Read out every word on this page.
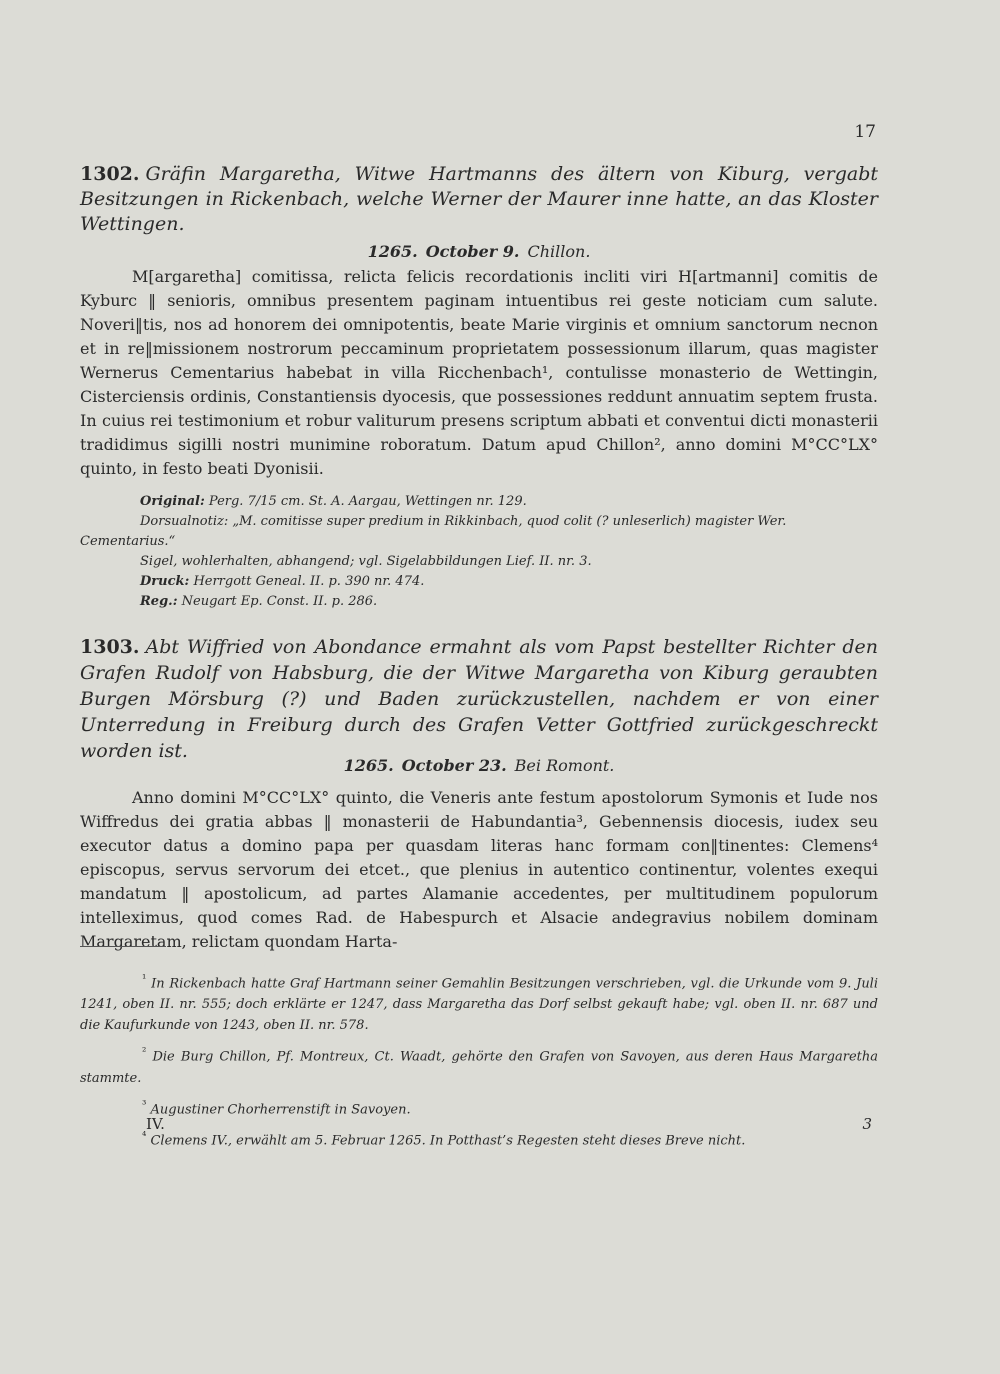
17
1302. Gräfin Margaretha, Witwe Hartmanns des ältern von Kiburg, vergabt Besitzungen in Rickenbach, welche Werner der Maurer inne hatte, an das Kloster Wettingen.
1265. October 9. Chillon.
M[argaretha] comitissa, relicta felicis recordationis incliti viri H[artmanni] comitis de Kyburc ‖ senioris, omnibus presentem paginam intuentibus rei geste noticiam cum salute. Noveri‖tis, nos ad honorem dei omnipotentis, beate Marie virginis et omnium sanctorum necnon et in re‖missionem nostrorum peccaminum proprietatem possessionum illarum, quas magister Wernerus Cementarius habebat in villa Ricchenbach¹, contulisse monasterio de Wettingin, Cisterciensis ordinis, Constantiensis dyocesis, que possessiones reddunt annuatim septem frusta. In cuius rei testimonium et robur valiturum presens scriptum abbati et conventui dicti monasterii tradidimus sigilli nostri munimine roboratum. Datum apud Chillon², anno domini M°CC°LX° quinto, in festo beati Dyonisii.
Original: Perg. 7/15 cm. St. A. Aargau, Wettingen nr. 129.
Dorsualnotiz: „M. comitisse super predium in Rikkinbach, quod colit (? unleserlich) magister Wer.
Cementarius.“
Sigel, wohlerhalten, abhangend; vgl. Sigelabbildungen Lief. II. nr. 3.
Druck: Herrgott Geneal. II. p. 390 nr. 474.
Reg.: Neugart Ep. Const. II. p. 286.
1303. Abt Wiffried von Abondance ermahnt als vom Papst bestellter Richter den Grafen Rudolf von Habsburg, die der Witwe Margaretha von Kiburg geraubten Burgen Mörsburg (?) und Baden zurückzustellen, nachdem er von einer Unterredung in Freiburg durch des Grafen Vetter Gottfried zurückgeschreckt worden ist.
1265. October 23. Bei Romont.
Anno domini M°CC°LX° quinto, die Veneris ante festum apostolorum Symonis et Iude nos Wiffredus dei gratia abbas ‖ monasterii de Habundantia³, Gebennensis diocesis, iudex seu executor datus a domino papa per quasdam literas hanc formam con‖tinentes: Clemens⁴ episcopus, servus servorum dei etcet., que plenius in autentico continentur, volentes exequi mandatum ‖ apostolicum, ad partes Alamanie accedentes, per multitudinem populorum intelleximus, quod comes Rad. de Habespurch et Alsacie andegravius nobilem dominam Margaretam, relictam quondam Harta-

$^{^1}$ In Rickenbach hatte Graf Hartmann seiner Gemahlin Besitzungen verschrieben, vgl. die Urkunde vom 9. Juli 1241, oben II. nr. 555; doch erklärte er 1247, dass Margaretha das Dorf selbst gekauft habe; vgl. oben II. nr. 687 und die Kaufurkunde von 1243, oben II. nr. 578.

$^{^2}$ Die Burg Chillon, Pf. Montreux, Ct. Waadt, gehörte den Grafen von Savoyen, aus deren Haus Margaretha stammte.

$^{^3}$ Augustiner Chorherrenstift in Savoyen.

$^{^4}$ Clemens IV., erwählt am 5. Februar 1265. In Potthast’s Regesten steht dieses Breve nicht.

IV.	3
